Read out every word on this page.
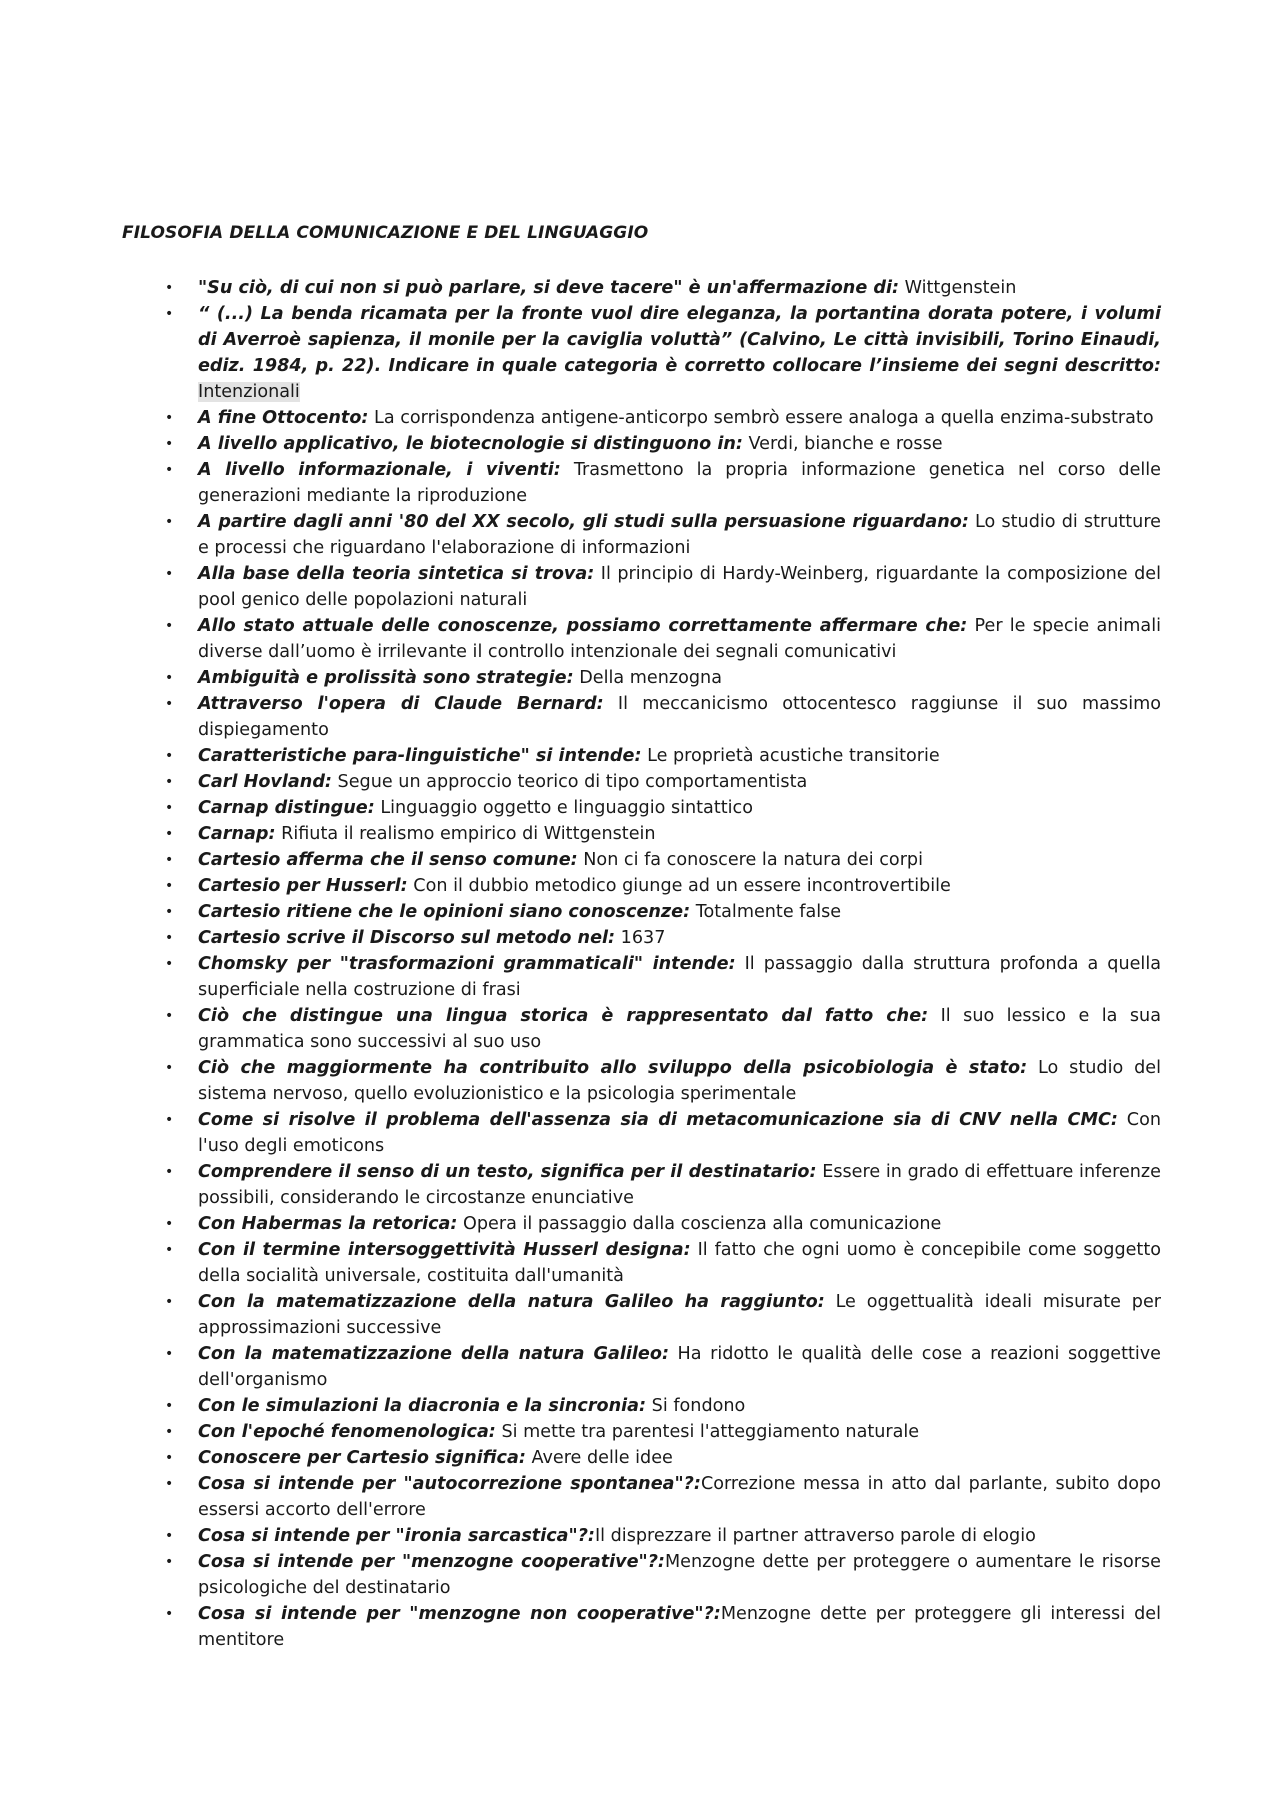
FILOSOFIA DELLA COMUNICAZIONE E DEL LINGUAGGIO
• "Su ciò, di cui non si può parlare, si deve tacere" è un'affermazione di: Wittgenstein
• “ (...) La benda ricamata per la fronte vuol dire eleganza, la portantina dorata potere, i volumi di Averroè sapienza, il monile per la caviglia voluttà” (Calvino, Le città invisibili, Torino Einaudi, ediz. 1984, p. 22). Indicare in quale categoria è corretto collocare l’insieme dei segni descritto: Intenzionali
• A fine Ottocento: La corrispondenza antigene-anticorpo sembrò essere analoga a quella enzima-substrato
• A livello applicativo, le biotecnologie si distinguono in: Verdi, bianche e rosse
• A livello informazionale, i viventi: Trasmettono la propria informazione genetica nel corso delle generazioni mediante la riproduzione
• A partire dagli anni '80 del XX secolo, gli studi sulla persuasione riguardano: Lo studio di strutture e processi che riguardano l'elaborazione di informazioni
• Alla base della teoria sintetica si trova: Il principio di Hardy-Weinberg, riguardante la composizione del pool genico delle popolazioni naturali
• Allo stato attuale delle conoscenze, possiamo correttamente affermare che: Per le specie animali diverse dall’uomo è irrilevante il controllo intenzionale dei segnali comunicativi
• Ambiguità e prolissità sono strategie: Della menzogna
• Attraverso l'opera di Claude Bernard: Il meccanicismo ottocentesco raggiunse il suo massimo dispiegamento
• Caratteristiche para-linguistiche" si intende: Le proprietà acustiche transitorie
• Carl Hovland: Segue un approccio teorico di tipo comportamentista
• Carnap distingue: Linguaggio oggetto e linguaggio sintattico
• Carnap: Rifiuta il realismo empirico di Wittgenstein
• Cartesio afferma che il senso comune: Non ci fa conoscere la natura dei corpi
• Cartesio per Husserl: Con il dubbio metodico giunge ad un essere incontrovertibile
• Cartesio ritiene che le opinioni siano conoscenze: Totalmente false
• Cartesio scrive il Discorso sul metodo nel: 1637
• Chomsky per "trasformazioni grammaticali" intende: Il passaggio dalla struttura profonda a quella superficiale nella costruzione di frasi
• Ciò che distingue una lingua storica è rappresentato dal fatto che: Il suo lessico e la sua grammatica sono successivi al suo uso
• Ciò che maggiormente ha contribuito allo sviluppo della psicobiologia è stato: Lo studio del sistema nervoso, quello evoluzionistico e la psicologia sperimentale
• Come si risolve il problema dell'assenza sia di metacomunicazione sia di CNV nella CMC: Con l'uso degli emoticons
• Comprendere il senso di un testo, significa per il destinatario: Essere in grado di effettuare inferenze possibili, considerando le circostanze enunciative
• Con Habermas la retorica: Opera il passaggio dalla coscienza alla comunicazione
• Con il termine intersoggettività Husserl designa: Il fatto che ogni uomo è concepibile come soggetto della socialità universale, costituita dall'umanità
• Con la matematizzazione della natura Galileo ha raggiunto: Le oggettualità ideali misurate per approssimazioni successive
• Con la matematizzazione della natura Galileo: Ha ridotto le qualità delle cose a reazioni soggettive dell'organismo
• Con le simulazioni la diacronia e la sincronia: Si fondono
• Con l'epoché fenomenologica: Si mette tra parentesi l'atteggiamento naturale
• Conoscere per Cartesio significa: Avere delle idee
• Cosa si intende per "autocorrezione spontanea"?:Correzione messa in atto dal parlante, subito dopo essersi accorto dell'errore
• Cosa si intende per "ironia sarcastica"?:Il disprezzare il partner attraverso parole di elogio
• Cosa si intende per "menzogne cooperative"?:Menzogne dette per proteggere o aumentare le risorse psicologiche del destinatario
• Cosa si intende per "menzogne non cooperative"?:Menzogne dette per proteggere gli interessi del mentitore
